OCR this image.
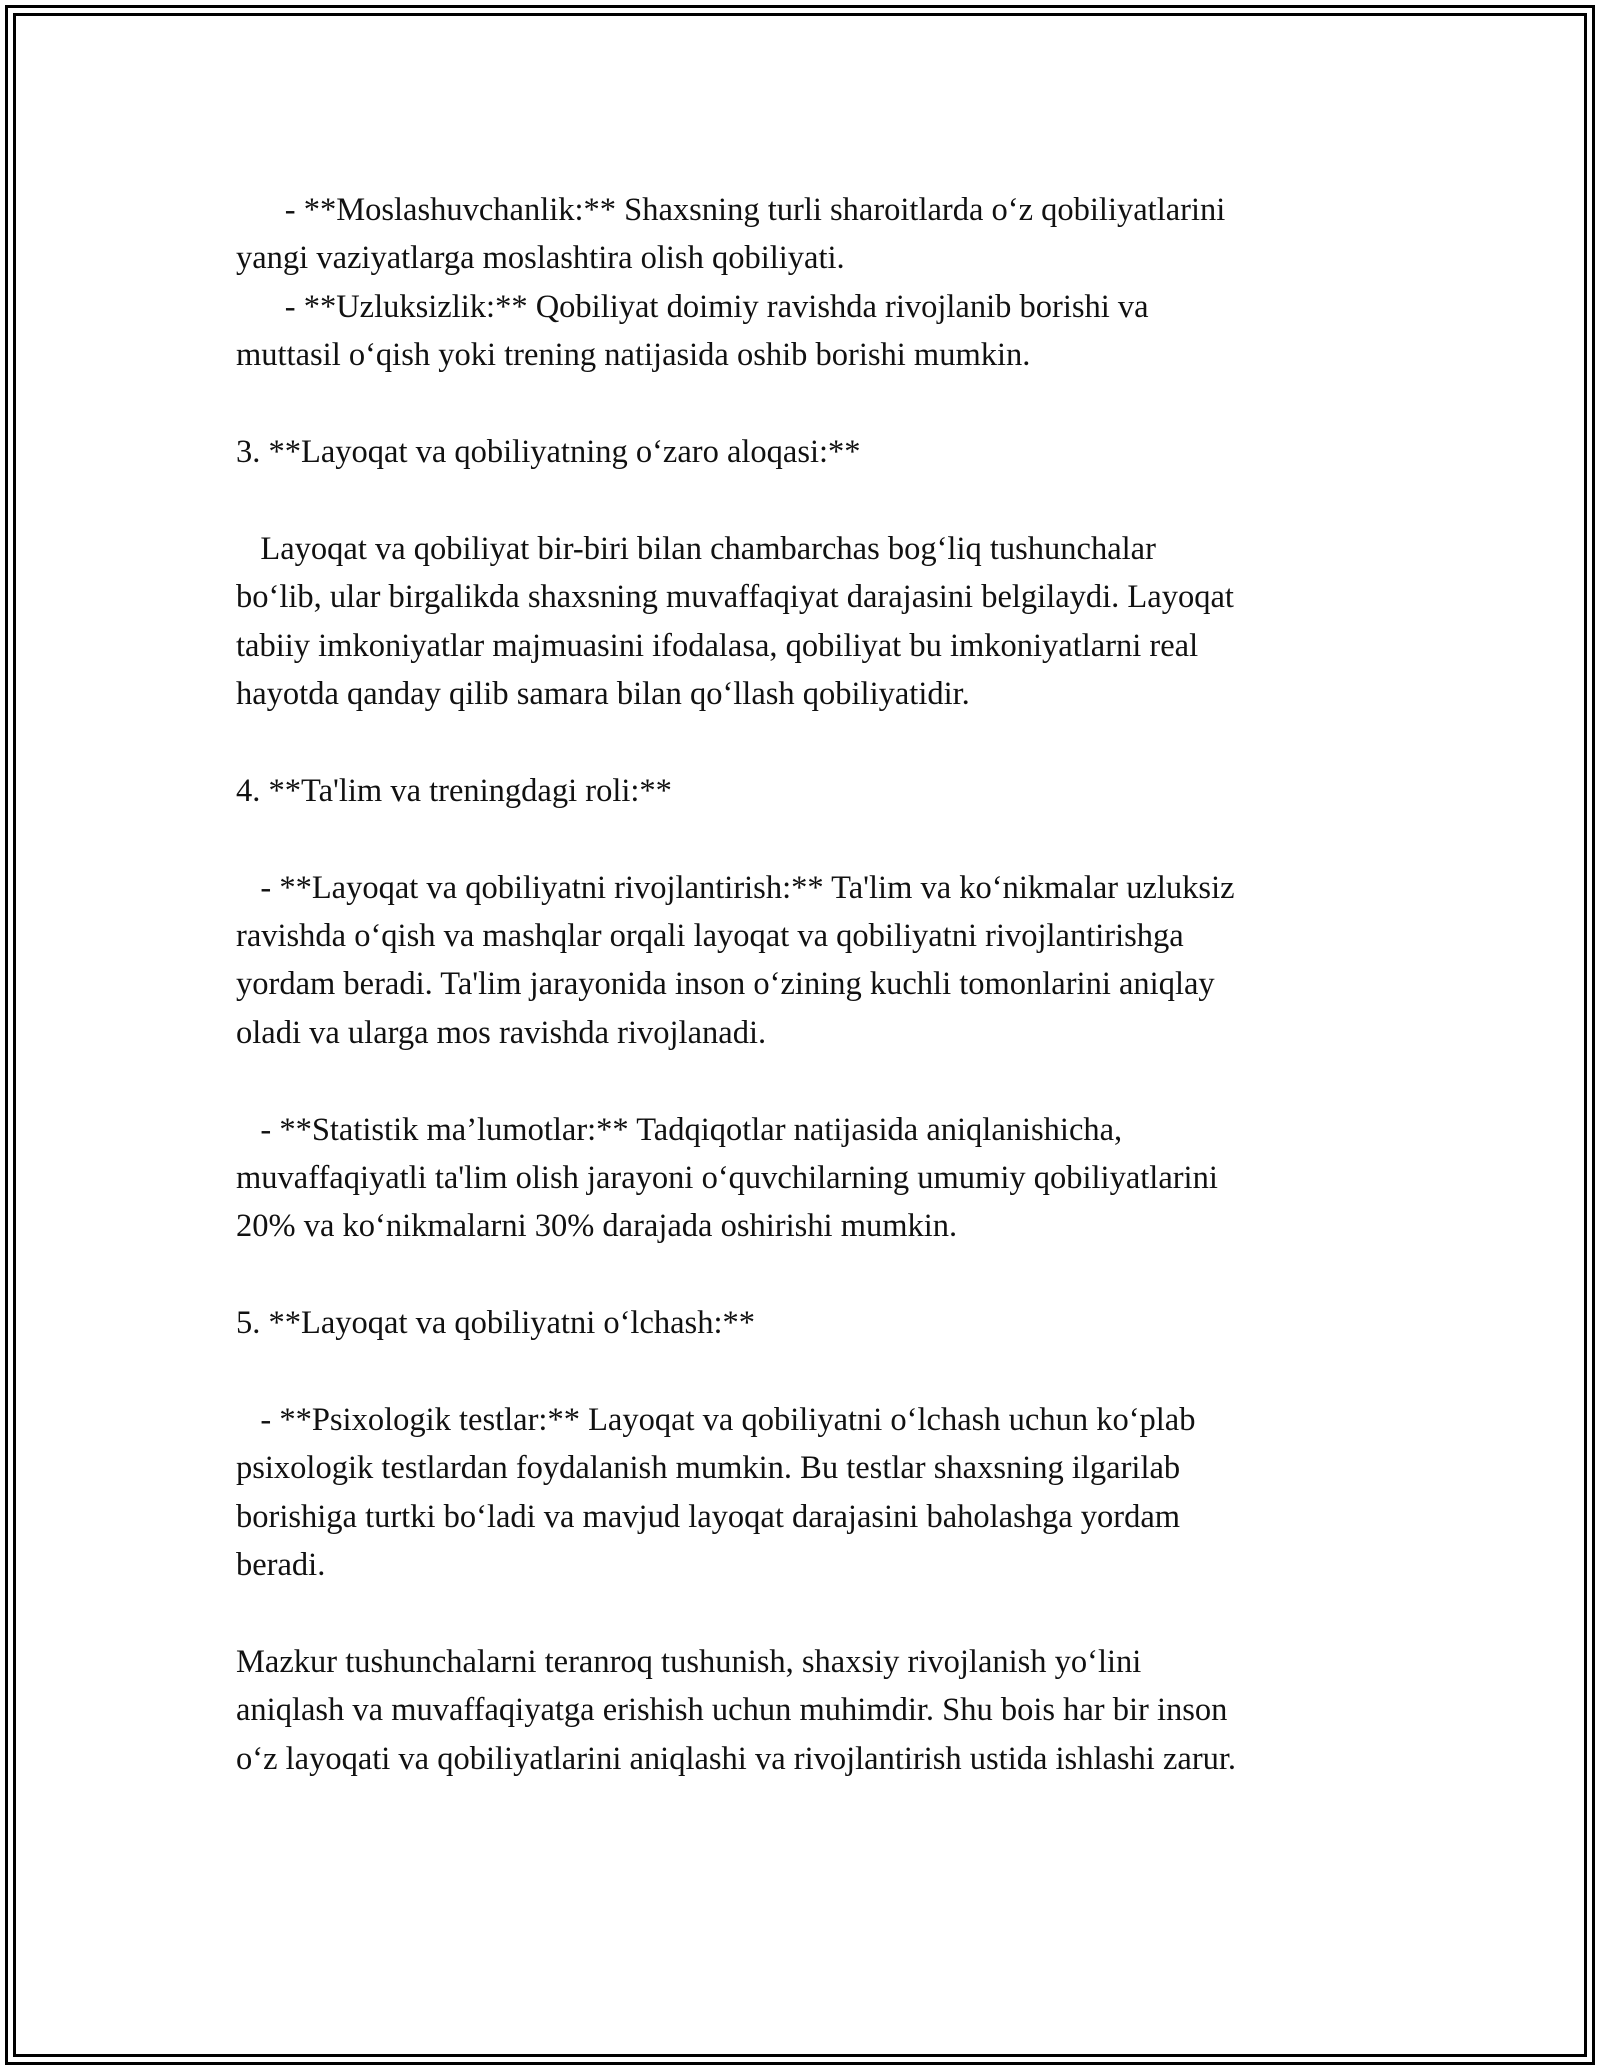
- **Moslashuvchanlik:** Shaxsning turli sharoitlarda o‘z qobiliyatlarini

yangi vaziyatlarga moslashtira olish qobiliyati.

- **Uzluksizlik:** Qobiliyat doimiy ravishda rivojlanib borishi va

muttasil o‘qish yoki trening natijasida oshib borishi mumkin.

3. **Layoqat va qobiliyatning o‘zaro aloqasi:**

Layoqat va qobiliyat bir-biri bilan chambarchas bog‘liq tushunchalar

bo‘lib, ular birgalikda shaxsning muvaffaqiyat darajasini belgilaydi. Layoqat

tabiiy imkoniyatlar majmuasini ifodalasa, qobiliyat bu imkoniyatlarni real

hayotda qanday qilib samara bilan qo‘llash qobiliyatidir.

4. **Ta'lim va treningdagi roli:**

- **Layoqat va qobiliyatni rivojlantirish:** Ta'lim va ko‘nikmalar uzluksiz

ravishda o‘qish va mashqlar orqali layoqat va qobiliyatni rivojlantirishga

yordam beradi. Ta'lim jarayonida inson o‘zining kuchli tomonlarini aniqlay

oladi va ularga mos ravishda rivojlanadi.

- **Statistik ma’lumotlar:** Tadqiqotlar natijasida aniqlanishicha,

muvaffaqiyatli ta'lim olish jarayoni o‘quvchilarning umumiy qobiliyatlarini

20% va ko‘nikmalarni 30% darajada oshirishi mumkin.

5. **Layoqat va qobiliyatni o‘lchash:**

- **Psixologik testlar:** Layoqat va qobiliyatni o‘lchash uchun ko‘plab

psixologik testlardan foydalanish mumkin. Bu testlar shaxsning ilgarilab

borishiga turtki bo‘ladi va mavjud layoqat darajasini baholashga yordam

beradi.

Mazkur tushunchalarni teranroq tushunish, shaxsiy rivojlanish yo‘lini

aniqlash va muvaffaqiyatga erishish uchun muhimdir. Shu bois har bir inson

o‘z layoqati va qobiliyatlarini aniqlashi va rivojlantirish ustida ishlashi zarur.
